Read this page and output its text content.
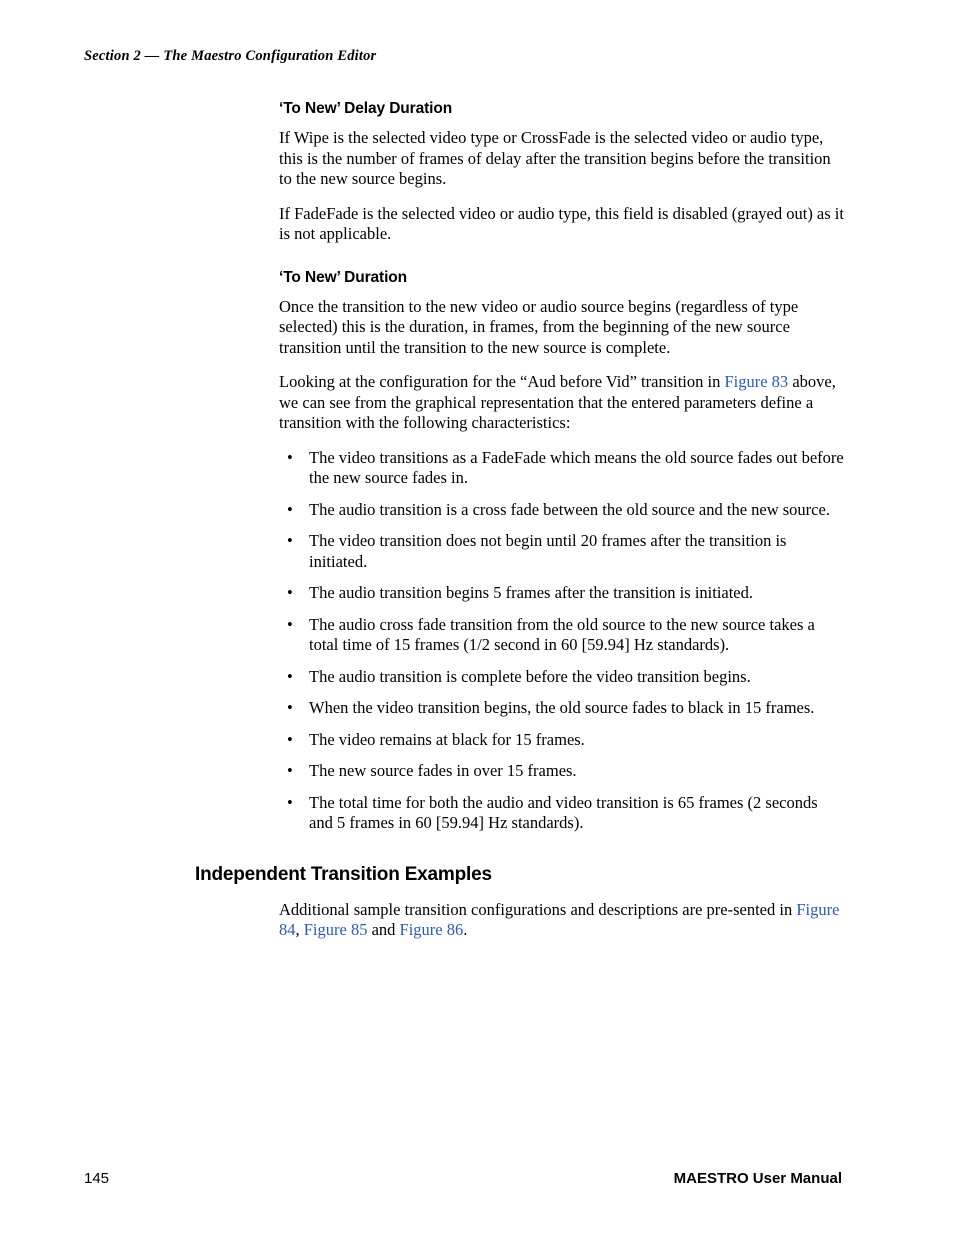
Section 2 — The Maestro Configuration Editor
‘To New’ Delay Duration

If Wipe is the selected video type or CrossFade is the selected video or audio type, this is the number of frames of delay after the transition begins before the transition to the new source begins.

If FadeFade is the selected video or audio type, this field is disabled (grayed out) as it is not applicable.

‘To New’ Duration

Once the transition to the new video or audio source begins (regardless of type selected) this is the duration, in frames, from the beginning of the new source transition until the transition to the new source is complete.

Looking at the configuration for the “Aud before Vid” transition in Figure 83 above, we can see from the graphical representation that the entered parameters define a transition with the following characteristics:

• The video transitions as a FadeFade which means the old source fades out before the new source fades in.
• The audio transition is a cross fade between the old source and the new source.
• The video transition does not begin until 20 frames after the transition is initiated.
• The audio transition begins 5 frames after the transition is initiated.
• The audio cross fade transition from the old source to the new source takes a total time of 15 frames (1/2 second in 60 [59.94] Hz standards).
• The audio transition is complete before the video transition begins.
• When the video transition begins, the old source fades to black in 15 frames.
• The video remains at black for 15 frames.
• The new source fades in over 15 frames.
• The total time for both the audio and video transition is 65 frames (2 seconds and 5 frames in 60 [59.94] Hz standards).
Independent Transition Examples

Additional sample transition configurations and descriptions are pre-sented in Figure 84, Figure 85 and Figure 86.

145	MAESTRO User Manual
